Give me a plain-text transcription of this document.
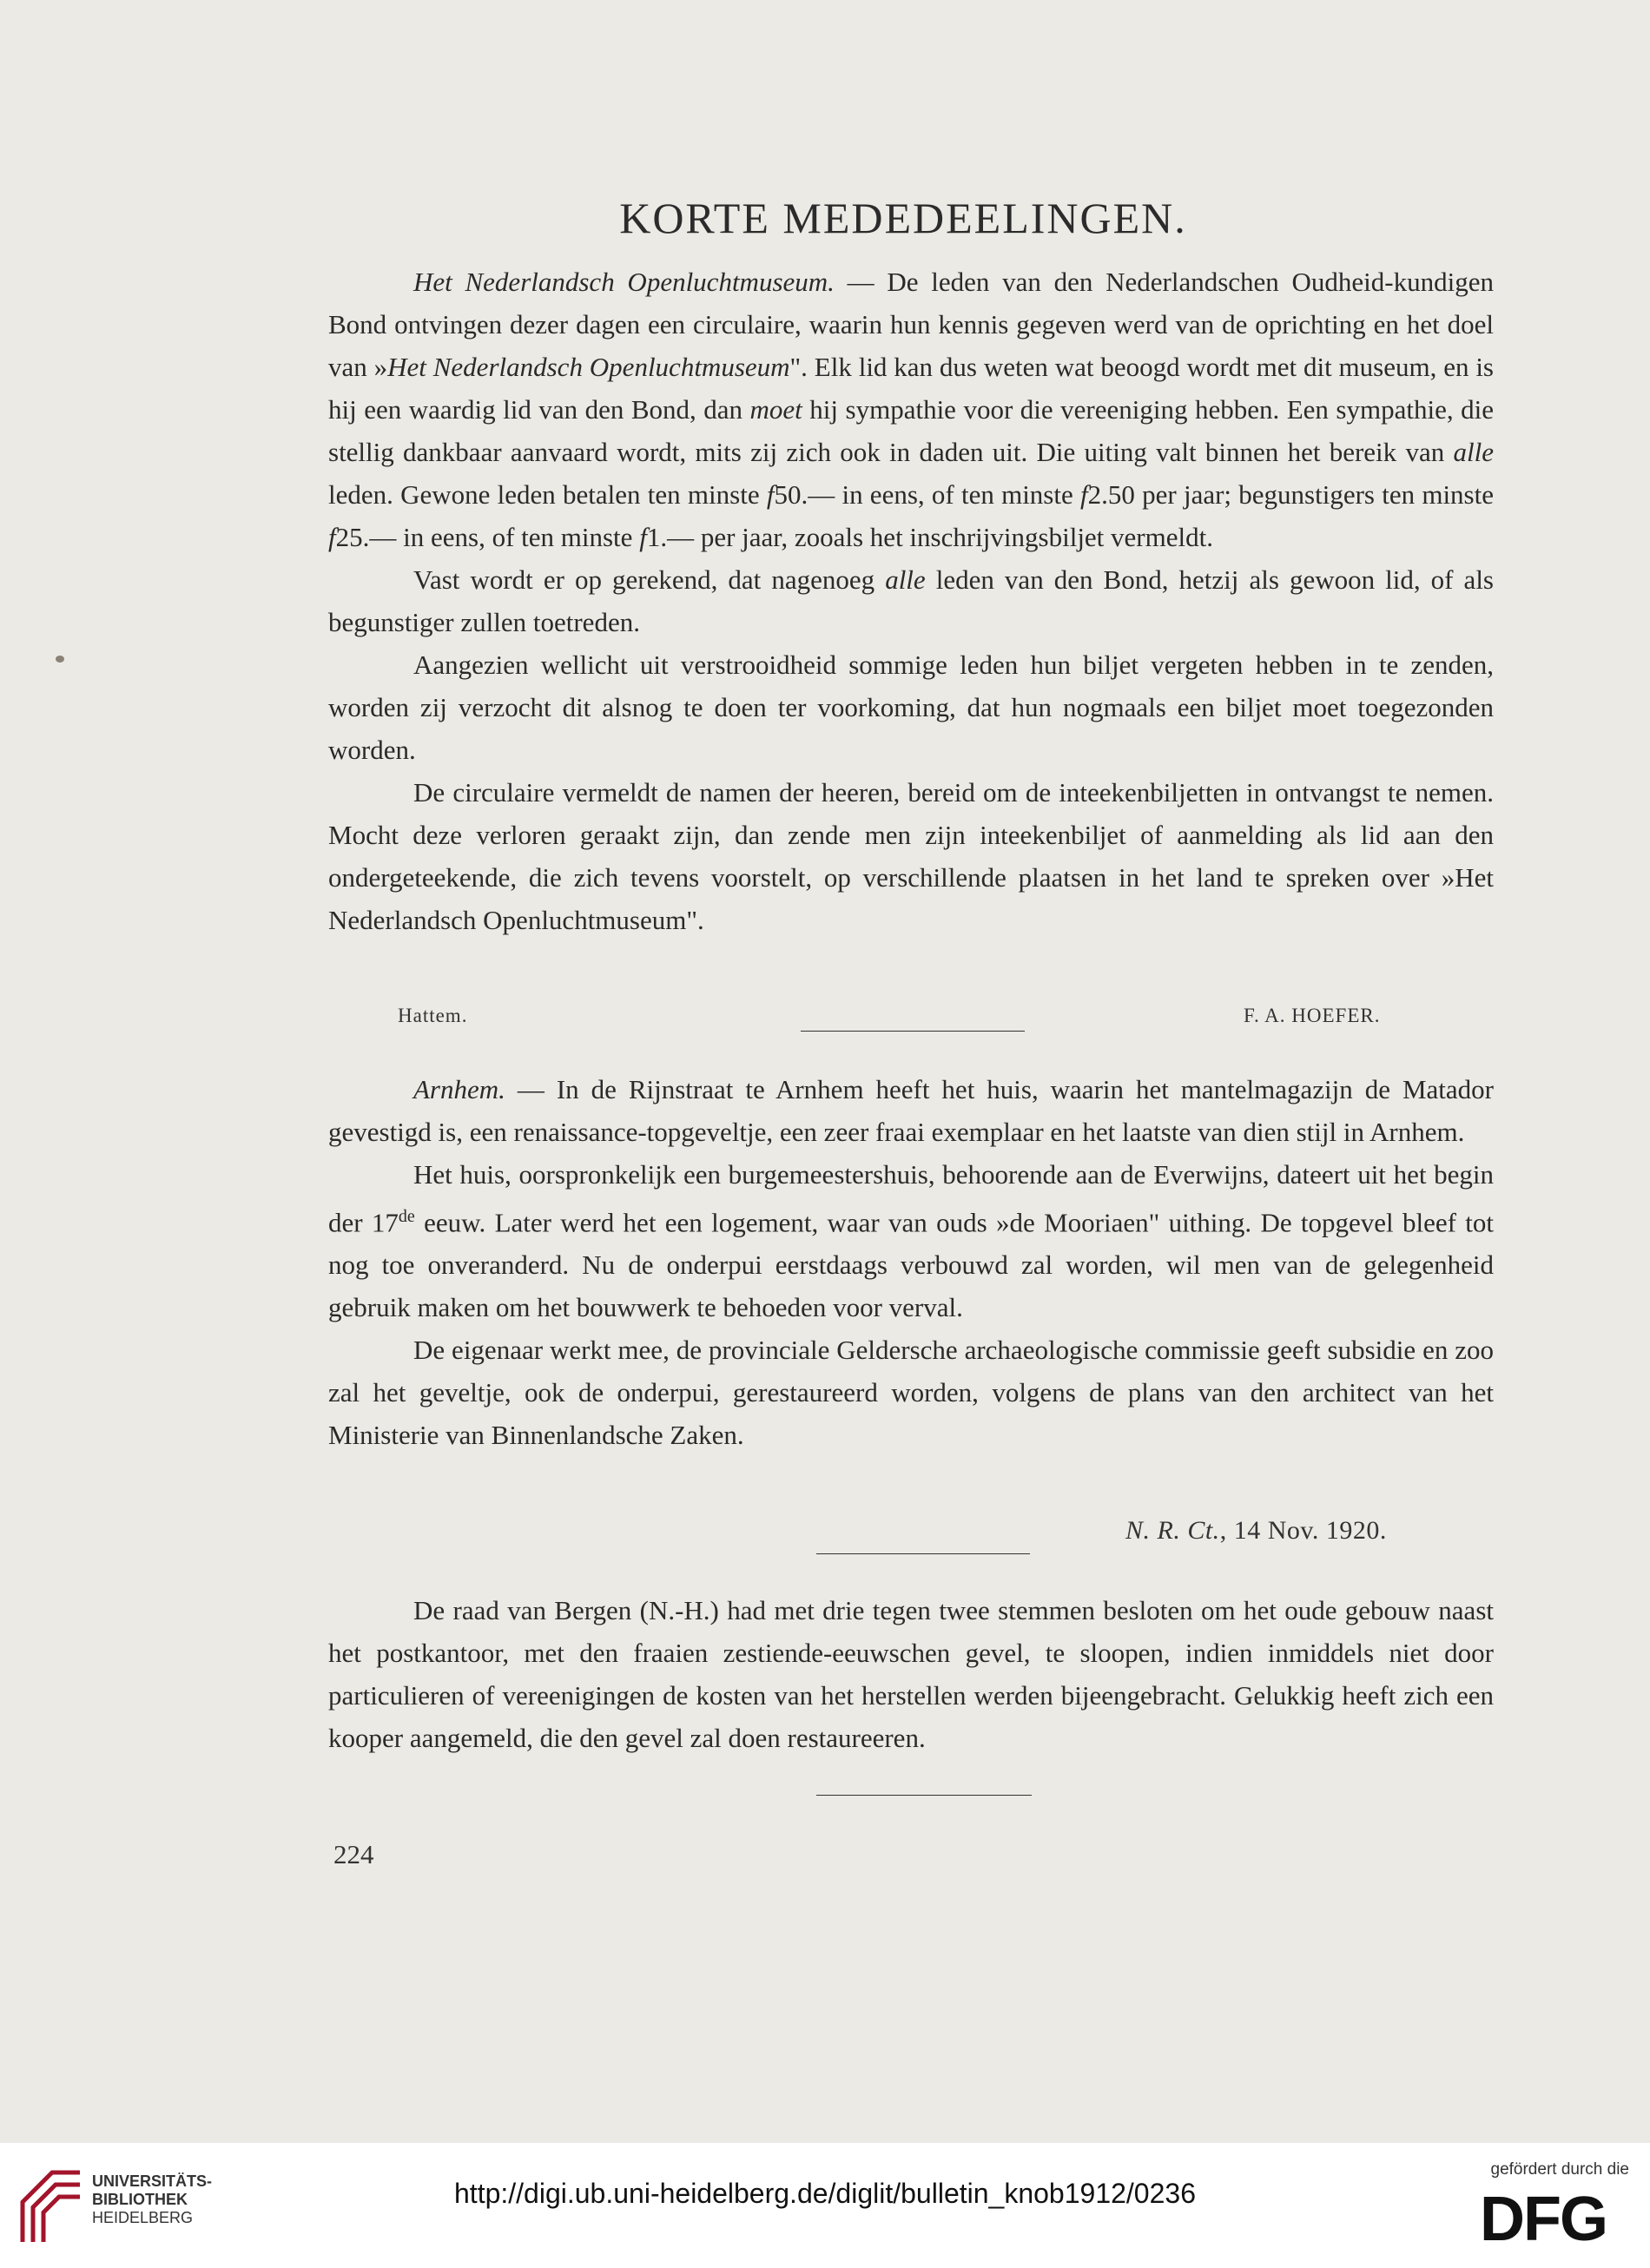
KORTE MEDEDEELINGEN.

Het Nederlandsch Openluchtmuseum. — De leden van den Nederlandschen Oudheid-kundigen Bond ontvingen dezer dagen een circulaire, waarin hun kennis gegeven werd van de oprichting en het doel van »Het Nederlandsch Openluchtmuseum". Elk lid kan dus weten wat beoogd wordt met dit museum, en is hij een waardig lid van den Bond, dan moet hij sympathie voor die vereeniging hebben. Een sympathie, die stellig dankbaar aanvaard wordt, mits zij zich ook in daden uit. Die uiting valt binnen het bereik van alle leden. Gewone leden betalen ten minste f50.— in eens, of ten minste f2.50 per jaar; begunstigers ten minste f25.— in eens, of ten minste f1.— per jaar, zooals het inschrijvingsbiljet vermeldt.

Vast wordt er op gerekend, dat nagenoeg alle leden van den Bond, hetzij als gewoon lid, of als begunstiger zullen toetreden.

Aangezien wellicht uit verstrooidheid sommige leden hun biljet vergeten hebben in te zenden, worden zij verzocht dit alsnog te doen ter voorkoming, dat hun nogmaals een biljet moet toegezonden worden.

De circulaire vermeldt de namen der heeren, bereid om de inteekenbiljetten in ontvangst te nemen. Mocht deze verloren geraakt zijn, dan zende men zijn inteekenbiljet of aanmelding als lid aan den ondergeteekende, die zich tevens voorstelt, op verschillende plaatsen in het land te spreken over »Het Nederlandsch Openluchtmuseum".

Hattem.	F. A. HOEFER.

Arnhem. — In de Rijnstraat te Arnhem heeft het huis, waarin het mantelmagazijn de Matador gevestigd is, een renaissance-topgeveltje, een zeer fraai exemplaar en het laatste van dien stijl in Arnhem.

Het huis, oorspronkelijk een burgemeestershuis, behoorende aan de Everwijns, dateert uit het begin der 17de eeuw. Later werd het een logement, waar van ouds »de Mooriaen" uithing. De topgevel bleef tot nog toe onveranderd. Nu de onderpui eerstdaags verbouwd zal worden, wil men van de gelegenheid gebruik maken om het bouwwerk te behoeden voor verval.

De eigenaar werkt mee, de provinciale Geldersche archaeologische commissie geeft subsidie en zoo zal het geveltje, ook de onderpui, gerestaureerd worden, volgens de plans van den architect van het Ministerie van Binnenlandsche Zaken.

N. R. Ct., 14 Nov. 1920.

De raad van Bergen (N.-H.) had met drie tegen twee stemmen besloten om het oude gebouw naast het postkantoor, met den fraaien zestiende-eeuwschen gevel, te sloopen, indien inmiddels niet door particulieren of vereenigingen de kosten van het herstellen werden bijeengebracht. Gelukkig heeft zich een kooper aangemeld, die den gevel zal doen restaureeren.

224
UNIVERSITÄTS-
BIBLIOTHEK
HEIDELBERG
http://digi.ub.uni-heidelberg.de/diglit/bulletin_knob1912/0236
gefördert durch die
DFG
